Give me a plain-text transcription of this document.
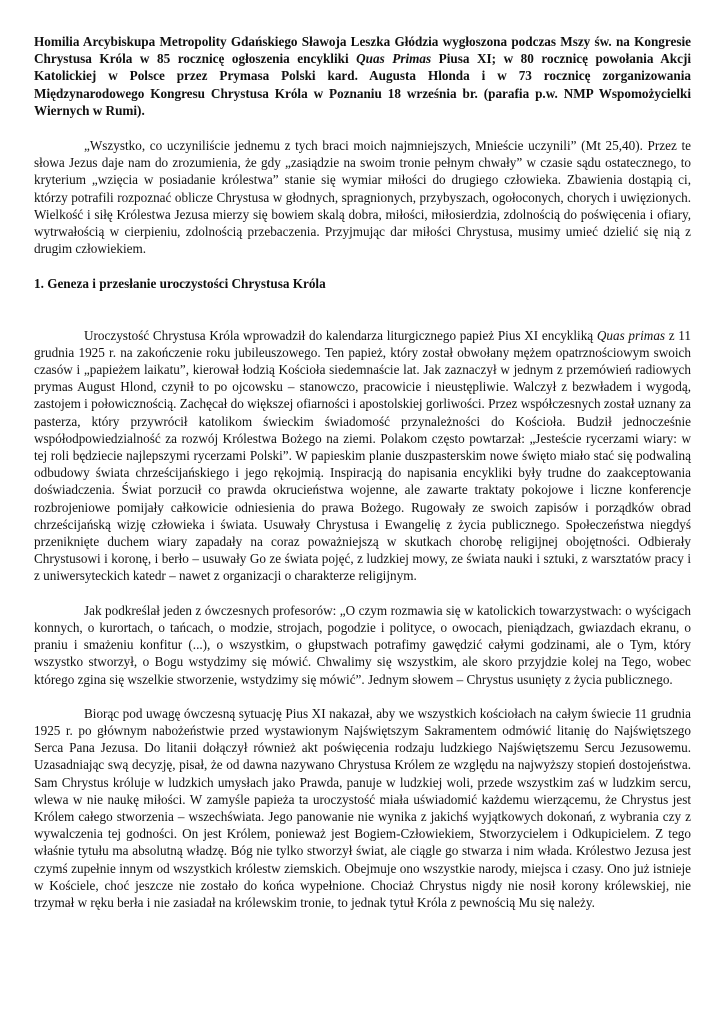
Homilia Arcybiskupa Metropolity Gdańskiego Sławoja Leszka Głódzia wygłoszona podczas Mszy św. na Kongresie Chrystusa Króla w 85 rocznicę ogłoszenia encykliki Quas Primas Piusa XI; w 80 rocznicę powołania Akcji Katolickiej w Polsce przez Prymasa Polski kard. Augusta Hlonda i w 73 rocznicę zorganizowania Międzynarodowego Kongresu Chrystusa Króla w Poznaniu 18 września br. (parafia p.w. NMP Wspomożycielki Wiernych w Rumi).

„Wszystko, co uczyniliście jednemu z tych braci moich najmniejszych, Mnieście uczynili” (Mt 25,40). Przez te słowa Jezus daje nam do zrozumienia, że gdy „zasiądzie na swoim tronie pełnym chwały” w czasie sądu ostatecznego, to kryterium „wzięcia w posiadanie królestwa” stanie się wymiar miłości do drugiego człowieka. Zbawienia dostąpią ci, którzy potrafili rozpoznać oblicze Chrystusa w głodnych, spragnionych, przybyszach, ogołoconych, chorych i uwięzionych. Wielkość i siłę Królestwa Jezusa mierzy się bowiem skalą dobra, miłości, miłosierdzia, zdolnością do poświęcenia i ofiary, wytrwałością w cierpieniu, zdolnością przebaczenia. Przyjmując dar miłości Chrystusa, musimy umieć dzielić się nią z drugim człowiekiem.

1. Geneza i przesłanie uroczystości Chrystusa Króla

Uroczystość Chrystusa Króla wprowadził do kalendarza liturgicznego papież Pius XI encykliką Quas primas z 11 grudnia 1925 r. na zakończenie roku jubileuszowego. Ten papież, który został obwołany mężem opatrznościowym swoich czasów i „papieżem laikatu”, kierował łodzią Kościoła siedemnaście lat. Jak zaznaczył w jednym z przemówień radiowych prymas August Hlond, czynił to po ojcowsku – stanowczo, pracowicie i nieustępliwie. Walczył z bezwładem i wygodą, zastojem i połowicznością. Zachęcał do większej ofiarności i apostolskiej gorliwości. Przez współczesnych został uznany za pasterza, który przywrócił katolikom świeckim świadomość przynależności do Kościoła. Budził jednocześnie współodpowiedzialność za rozwój Królestwa Bożego na ziemi. Polakom często powtarzał: „Jesteście rycerzami wiary: w tej roli będziecie najlepszymi rycerzami Polski”. W papieskim planie duszpasterskim nowe święto miało stać się podwaliną odbudowy świata chrześcijańskiego i jego rękojmią. Inspiracją do napisania encykliki były trudne do zaakceptowania doświadczenia. Świat porzucił co prawda okrucieństwa wojenne, ale zawarte traktaty pokojowe i liczne konferencje rozbrojeniowe pomijały całkowicie odniesienia do prawa Bożego. Rugowały ze swoich zapisów i porządków obrad chrześcijańską wizję człowieka i świata. Usuwały Chrystusa i Ewangelię z życia publicznego. Społeczeństwa niegdyś przeniknięte duchem wiary zapadały na coraz poważniejszą w skutkach chorobę religijnej obojętności. Odbierały Chrystusowi i koronę, i berło – usuwały Go ze świata pojęć, z ludzkiej mowy, ze świata nauki i sztuki, z warsztatów pracy i z uniwersyteckich katedr – nawet z organizacji o charakterze religijnym.

Jak podkreślał jeden z ówczesnych profesorów: „O czym rozmawia się w katolickich towarzystwach: o wyścigach konnych, o kurortach, o tańcach, o modzie, strojach, pogodzie i polityce, o owocach, pieniądzach, gwiazdach ekranu, o praniu i smażeniu konfitur (...), o wszystkim, o głupstwach potrafimy gawędzić całymi godzinami, ale o Tym, który wszystko stworzył, o Bogu wstydzimy się mówić. Chwalimy się wszystkim, ale skoro przyjdzie kolej na Tego, wobec którego zgina się wszelkie stworzenie, wstydzimy się mówić”. Jednym słowem – Chrystus usunięty z życia publicznego.

Biorąc pod uwagę ówczesną sytuację Pius XI nakazał, aby we wszystkich kościołach na całym świecie 11 grudnia 1925 r. po głównym nabożeństwie przed wystawionym Najświętszym Sakramentem odmówić litanię do Najświętszego Serca Pana Jezusa. Do litanii dołączył również akt poświęcenia rodzaju ludzkiego Najświętszemu Sercu Jezusowemu. Uzasadniając swą decyzję, pisał, że od dawna nazywano Chrystusa Królem ze względu na najwyższy stopień dostojeństwa. Sam Chrystus króluje w ludzkich umysłach jako Prawda, panuje w ludzkiej woli, przede wszystkim zaś w ludzkim sercu, wlewa w nie naukę miłości. W zamyśle papieża ta uroczystość miała uświadomić każdemu wierzącemu, że Chrystus jest Królem całego stworzenia – wszechświata. Jego panowanie nie wynika z jakichś wyjątkowych dokonań, z wybrania czy z wywalczenia tej godności. On jest Królem, ponieważ jest Bogiem-Człowiekiem, Stworzycielem i Odkupicielem. Z tego właśnie tytułu ma absolutną władzę. Bóg nie tylko stworzył świat, ale ciągle go stwarza i nim włada. Królestwo Jezusa jest czymś zupełnie innym od wszystkich królestw ziemskich. Obejmuje ono wszystkie narody, miejsca i czasy. Ono już istnieje w Kościele, choć jeszcze nie zostało do końca wypełnione. Chociaż Chrystus nigdy nie nosił korony królewskiej, nie trzymał w ręku berła i nie zasiadał na królewskim tronie, to jednak tytuł Króla z pewnością Mu się należy.
